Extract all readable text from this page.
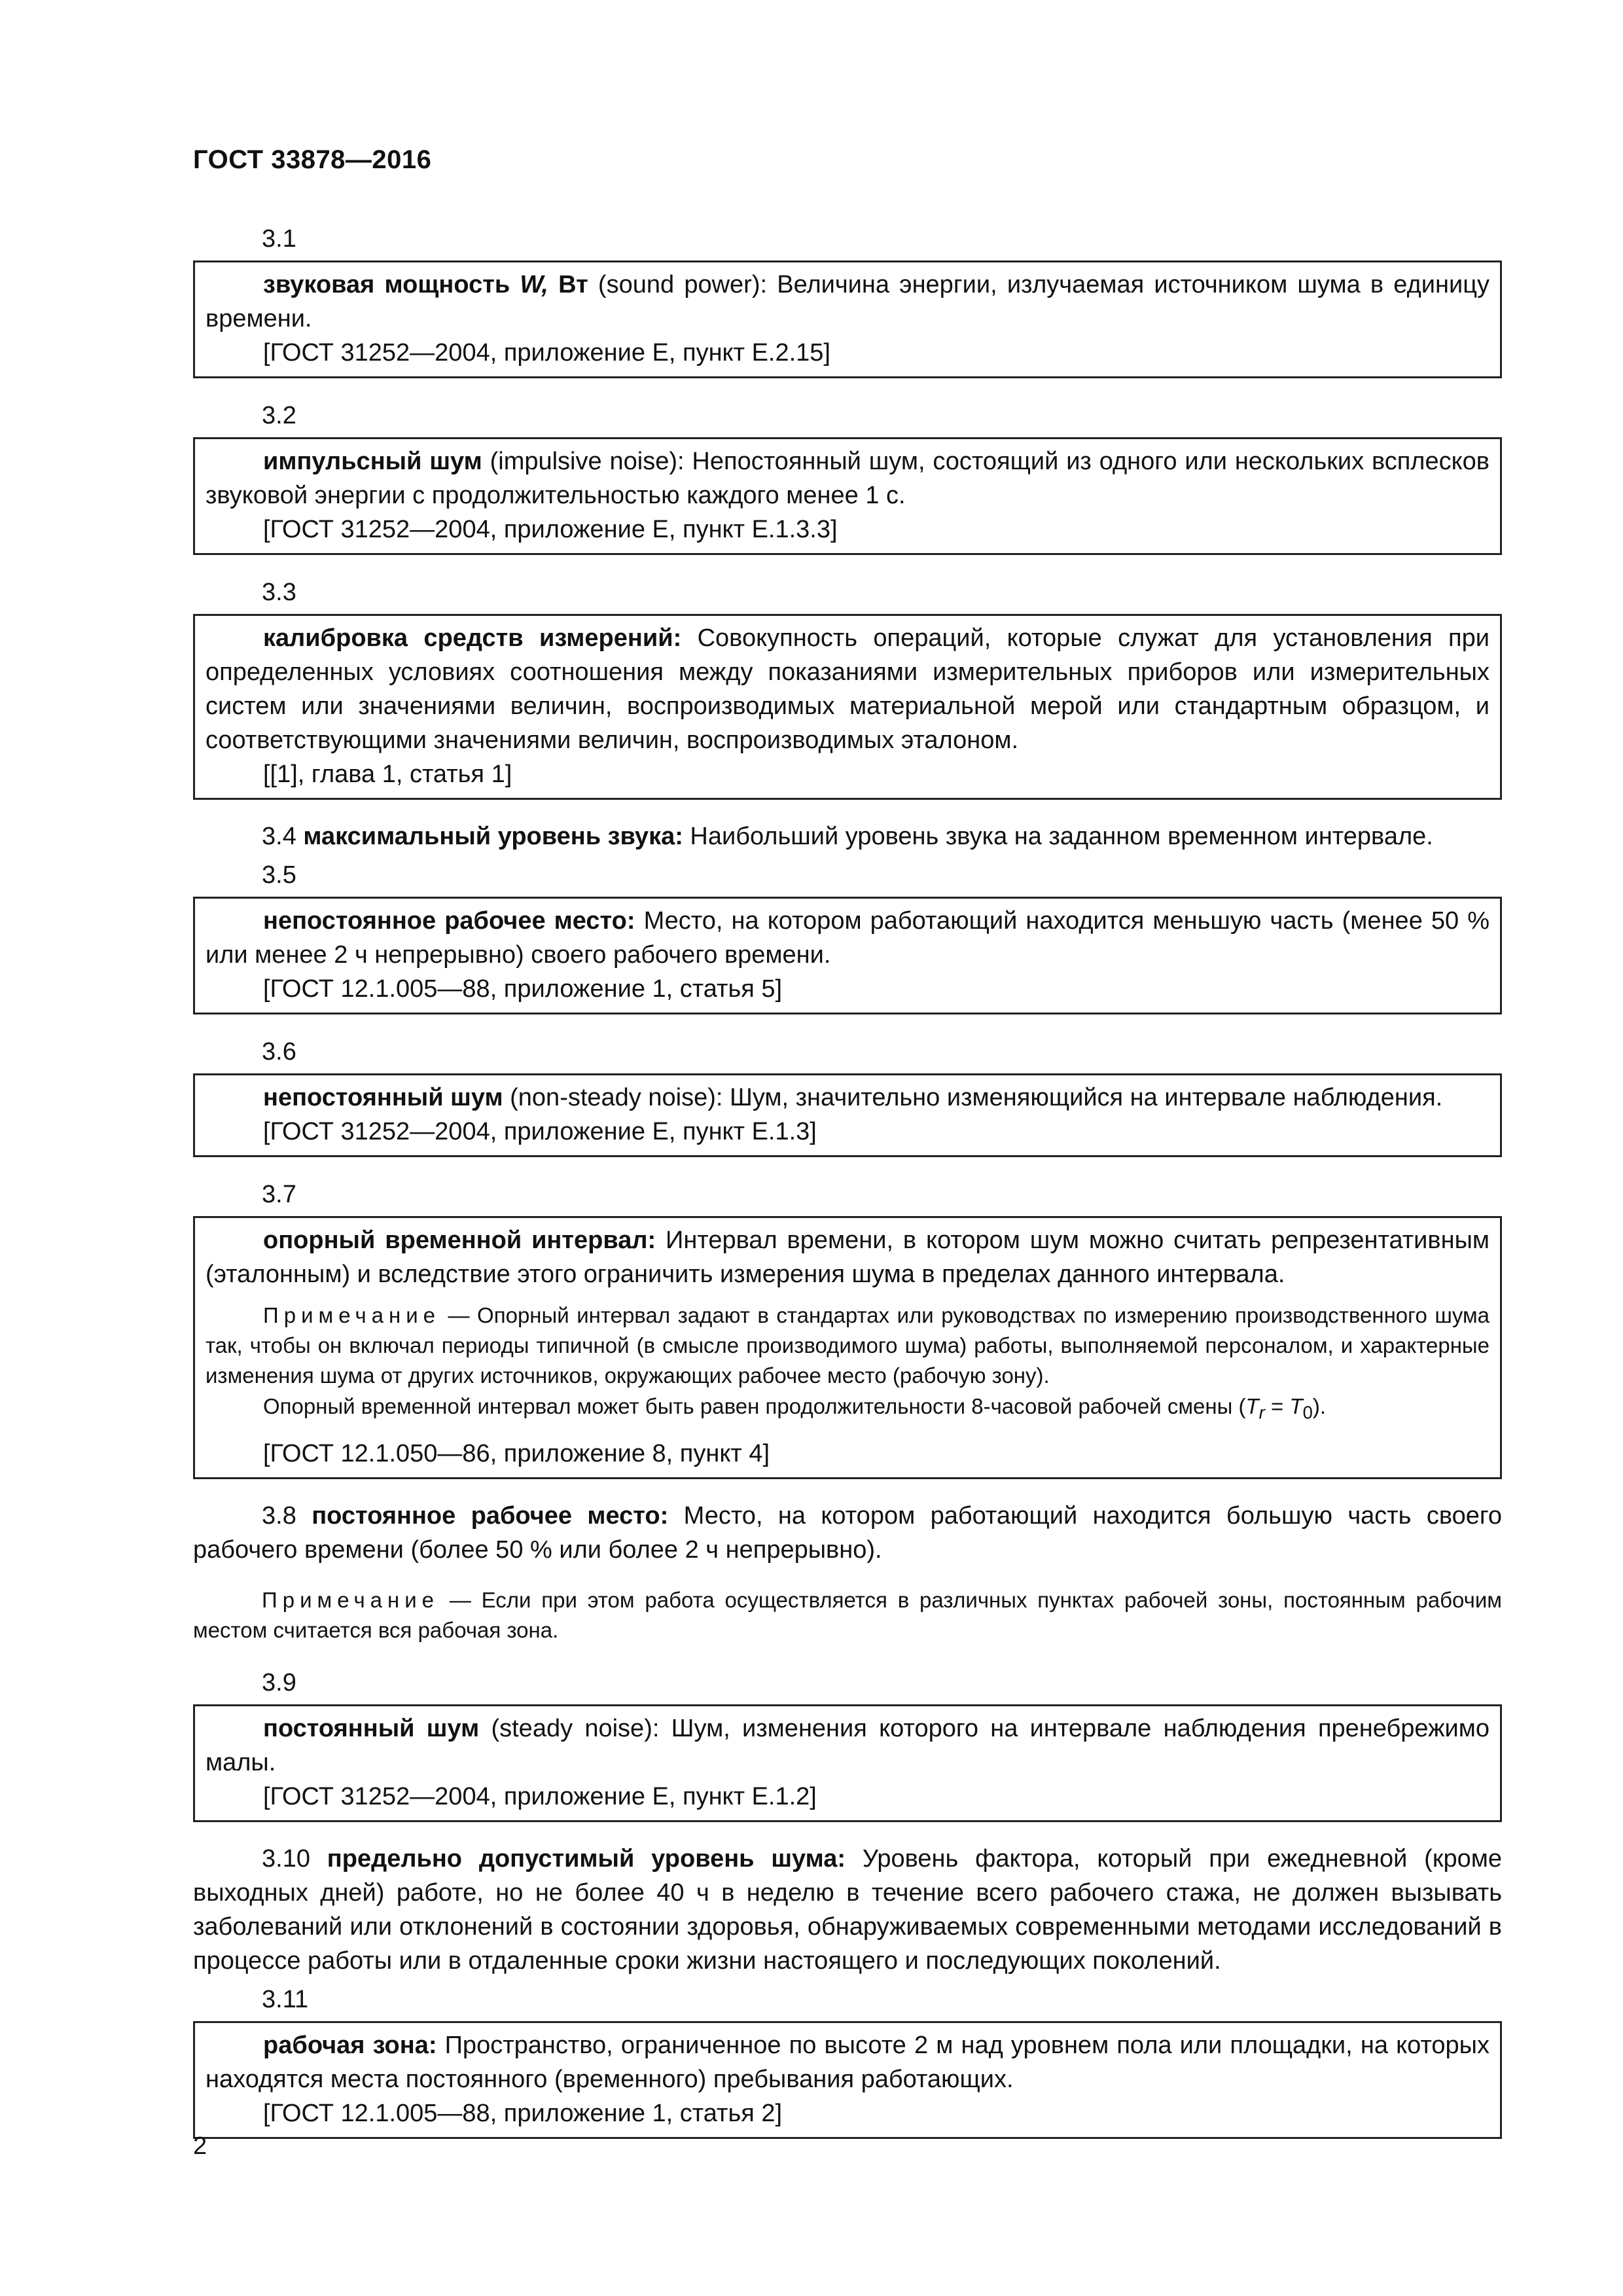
ГОСТ 33878—2016
3.1

звуковая мощность W, Вт (sound power): Величина энергии, излучаемая источником шума в единицу времени.

[ГОСТ 31252—2004, приложение Е, пункт Е.2.15]

3.2

импульсный шум (impulsive noise): Непостоянный шум, состоящий из одного или нескольких всплесков звуковой энергии с продолжительностью каждого менее 1 с.

[ГОСТ 31252—2004, приложение Е, пункт Е.1.3.3]

3.3

калибровка средств измерений: Совокупность операций, которые служат для установления при определенных условиях соотношения между показаниями измерительных приборов или измерительных систем или значениями величин, воспроизводимых материальной мерой или стандартным образцом, и соответствующими значениями величин, воспроизводимых эталоном.

[[1], глава 1, статья 1]

3.4 максимальный уровень звука: Наибольший уровень звука на заданном временном интервале.

3.5

непостоянное рабочее место: Место, на котором работающий находится меньшую часть (менее 50 % или менее 2 ч непрерывно) своего рабочего времени.

[ГОСТ 12.1.005—88, приложение 1, статья 5]

3.6

непостоянный шум (non-steady noise): Шум, значительно изменяющийся на интервале наблюдения.

[ГОСТ 31252—2004, приложение Е, пункт Е.1.3]

3.7

опорный временной интервал: Интервал времени, в котором шум можно считать репрезентативным (эталонным) и вследствие этого ограничить измерения шума в пределах данного интервала.

Примечание — Опорный интервал задают в стандартах или руководствах по измерению производственного шума так, чтобы он включал периоды типичной (в смысле производимого шума) работы, выполняемой персоналом, и характерные изменения шума от других источников, окружающих рабочее место (рабочую зону).

Опорный временной интервал может быть равен продолжительности 8-часовой рабочей смены $(T_r = T_0)$.

[ГОСТ 12.1.050—86, приложение 8, пункт 4]

3.8 постоянное рабочее место: Место, на котором работающий находится большую часть своего рабочего времени (более 50 % или более 2 ч непрерывно).

Примечание — Если при этом работа осуществляется в различных пунктах рабочей зоны, постоянным рабочим местом считается вся рабочая зона.

3.9

постоянный шум (steady noise): Шум, изменения которого на интервале наблюдения пренебрежимо малы.

[ГОСТ 31252—2004, приложение Е, пункт Е.1.2]

3.10 предельно допустимый уровень шума: Уровень фактора, который при ежедневной (кроме выходных дней) работе, но не более 40 ч в неделю в течение всего рабочего стажа, не должен вызывать заболеваний или отклонений в состоянии здоровья, обнаруживаемых современными методами исследований в процессе работы или в отдаленные сроки жизни настоящего и последующих поколений.

3.11

рабочая зона: Пространство, ограниченное по высоте 2 м над уровнем пола или площадки, на которых находятся места постоянного (временного) пребывания работающих.

[ГОСТ 12.1.005—88, приложение 1, статья 2]

2
